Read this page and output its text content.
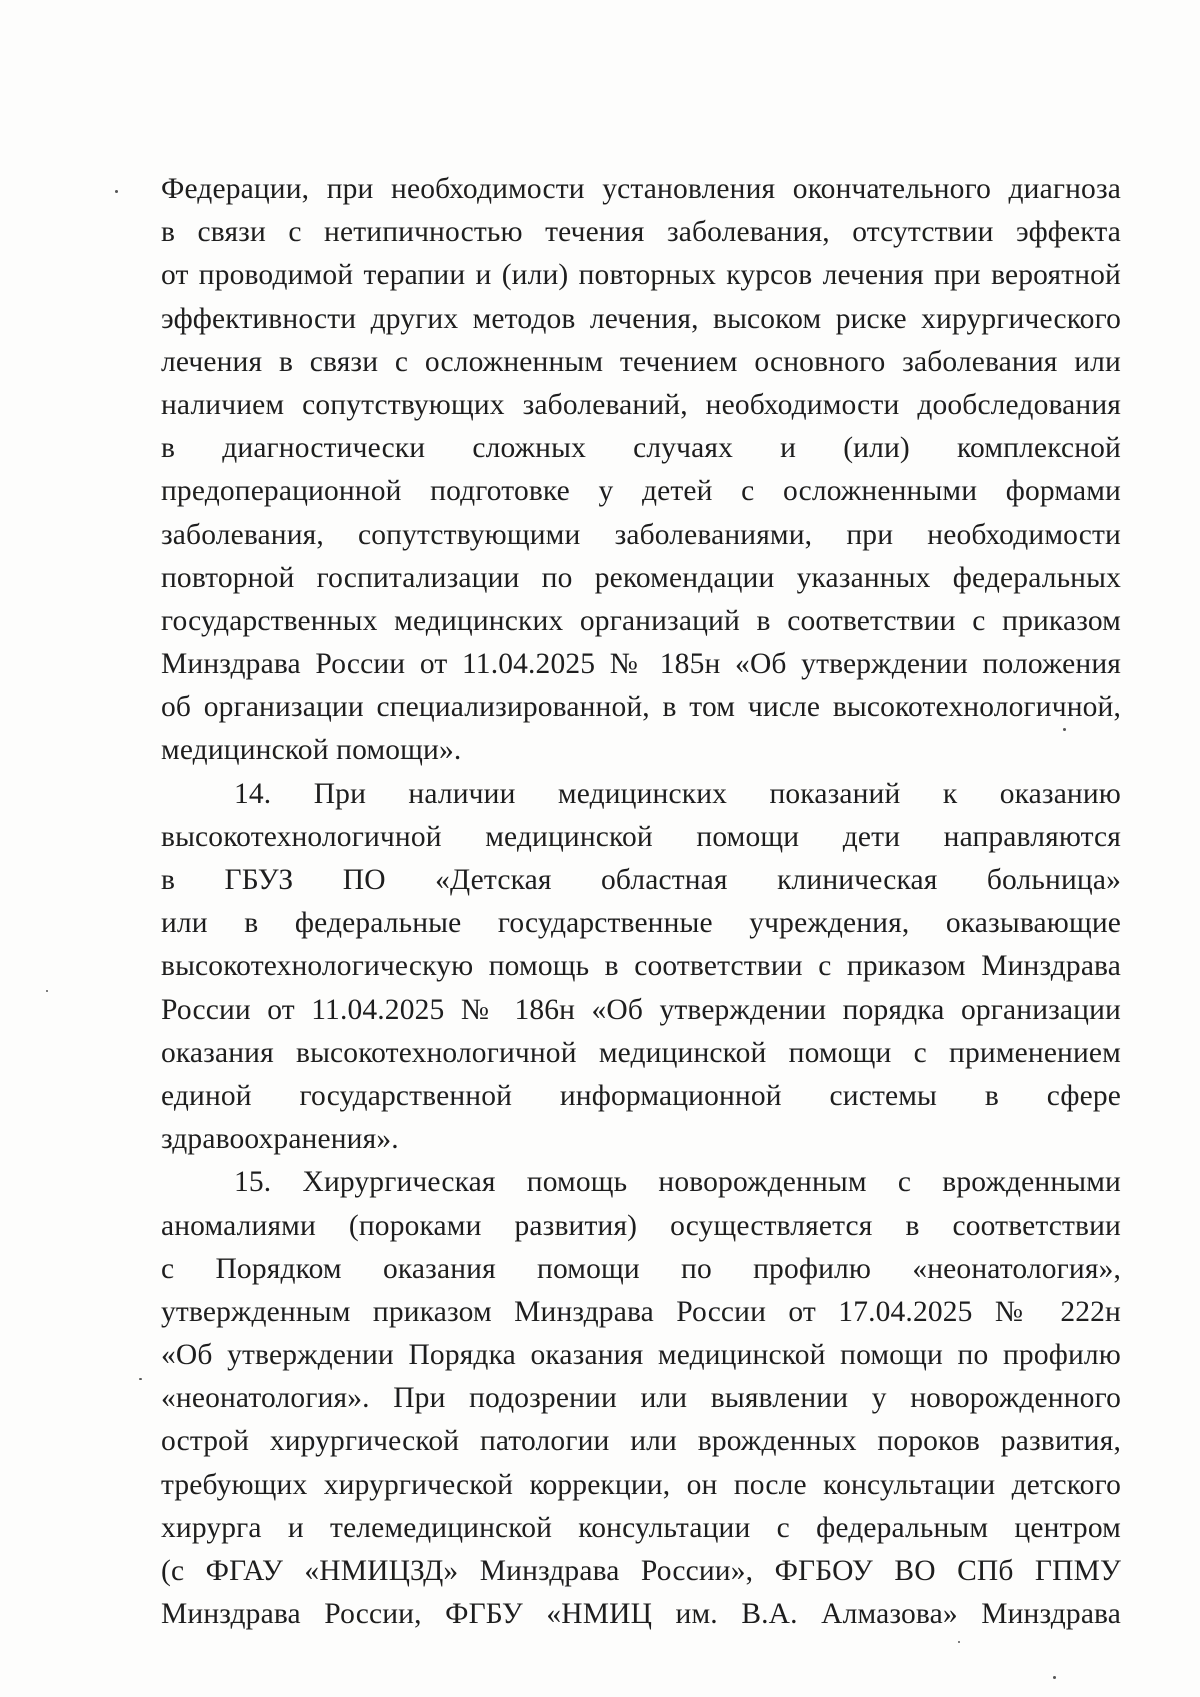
Федерации, при необходимости установления окончательного диагноза
в связи с нетипичностью течения заболевания, отсутствии эффекта
от проводимой терапии и (или) повторных курсов лечения при вероятной
эффективности других методов лечения, высоком риске хирургического
лечения в связи с осложненным течением основного заболевания или
наличием сопутствующих заболеваний, необходимости дообследования
в диагностически сложных случаях и (или) комплексной
предоперационной подготовке у детей с осложненными формами
заболевания, сопутствующими заболеваниями, при необходимости
повторной госпитализации по рекомендации указанных федеральных
государственных медицинских организаций в соответствии с приказом
Минздрава России от 11.04.2025 № 185н «Об утверждении положения
об организации специализированной, в том числе высокотехнологичной,
медицинской помощи».
14. При наличии медицинских показаний к оказанию
высокотехнологичной медицинской помощи дети направляются
в ГБУЗ ПО «Детская областная клиническая больница»
или в федеральные государственные учреждения, оказывающие
высокотехнологическую помощь в соответствии с приказом Минздрава
России от 11.04.2025 № 186н «Об утверждении порядка организации
оказания высокотехнологичной медицинской помощи с применением
единой государственной информационной системы в сфере
здравоохранения».
15. Хирургическая помощь новорожденным с врожденными
аномалиями (пороками развития) осуществляется в соответствии
с Порядком оказания помощи по профилю «неонатология»,
утвержденным приказом Минздрава России от 17.04.2025 № 222н
«Об утверждении Порядка оказания медицинской помощи по профилю
«неонатология». При подозрении или выявлении у новорожденного
острой хирургической патологии или врожденных пороков развития,
требующих хирургической коррекции, он после консультации детского
хирурга и телемедицинской консультации с федеральным центром
(с ФГАУ «НМИЦЗД» Минздрава России», ФГБОУ ВО СПб ГПМУ
Минздрава России, ФГБУ «НМИЦ им. В.А. Алмазова» Минздрава
